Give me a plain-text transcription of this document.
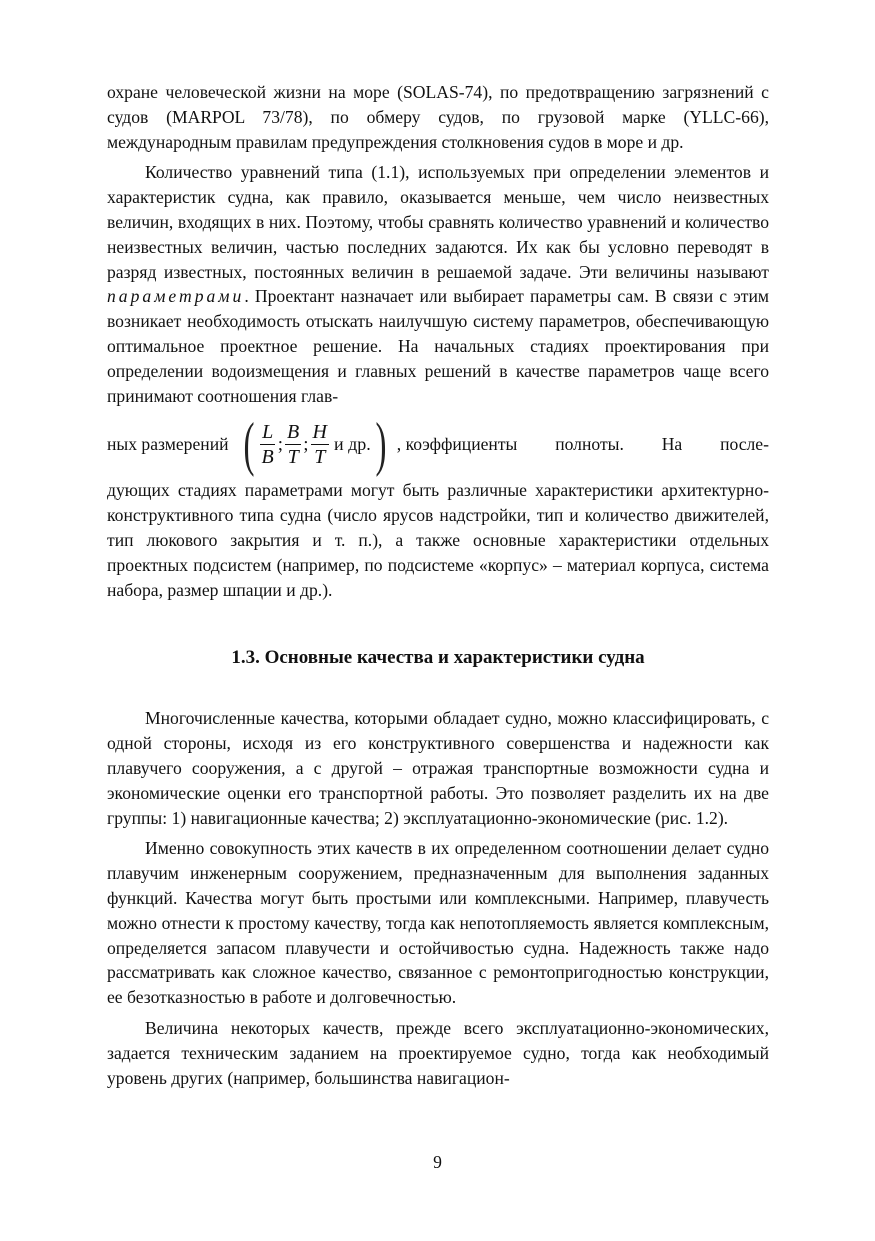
охране человеческой жизни на море (SOLAS-74), по предотвращению загрязнений с судов (MARPOL 73/78), по обмеру судов, по грузовой марке (YLLC-66), международным правилам предупреждения столкновения судов в море и др.

Количество уравнений типа (1.1), используемых при определении элементов и характеристик судна, как правило, оказывается меньше, чем число неизвестных величин, входящих в них. Поэтому, чтобы сравнять количество уравнений и количество неизвестных величин, частью последних задаются. Их как бы условно переводят в разряд известных, постоянных величин в решаемой задаче. Эти величины называют параметрами. Проектант назначает или выбирает параметры сам. В связи с этим возникает необходимость отыскать наилучшую систему параметров, обеспечивающую оптимальное проектное решение. На начальных стадиях проектирования при определении водоизмещения и главных решений в качестве параметров чаще всего принимают соотношения глав-

ных размерений ( $\frac{L}{B}$ ; $\frac{B}{T}$ ; $\frac{H}{T}$ и др. ) , коэффициенты полноты. На после-

дующих стадиях параметрами могут быть различные характеристики архитектурно-конструктивного типа судна (число ярусов надстройки, тип и количество движителей, тип люкового закрытия и т. п.), а также основные характеристики отдельных проектных подсистем (например, по подсистеме «корпус» – материал корпуса, система набора, размер шпации и др.).

1.3. Основные качества и характеристики судна

Многочисленные качества, которыми обладает судно, можно классифицировать, с одной стороны, исходя из его конструктивного совершенства и надежности как плавучего сооружения, а с другой – отражая транспортные возможности судна и экономические оценки его транспортной работы. Это позволяет разделить их на две группы: 1) навигационные качества; 2) эксплуатационно-экономические (рис. 1.2).

Именно совокупность этих качеств в их определенном соотношении делает судно плавучим инженерным сооружением, предназначенным для выполнения заданных функций. Качества могут быть простыми или комплексными. Например, плавучесть можно отнести к простому качеству, тогда как непотопляемость является комплексным, определяется запасом плавучести и остойчивостью судна. Надежность также надо рассматривать как сложное качество, связанное с ремонтопригодностью конструкции, ее безотказностью в работе и долговечностью.

Величина некоторых качеств, прежде всего эксплуатационно-экономических, задается техническим заданием на проектируемое судно, тогда как необходимый уровень других (например, большинства навигацион-

9
